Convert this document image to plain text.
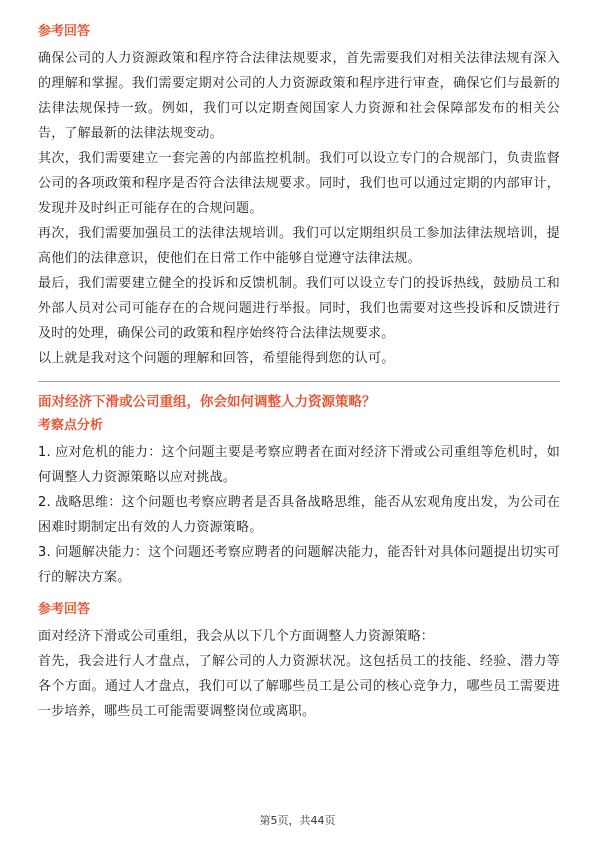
参考回答

确保公司的人力资源政策和程序符合法律法规要求，首先需要我们对相关法律法规有深入的理解和掌握。我们需要定期对公司的人力资源政策和程序进行审查，确保它们与最新的法律法规保持一致。例如，我们可以定期查阅国家人力资源和社会保障部发布的相关公告，了解最新的法律法规变动。

其次，我们需要建立一套完善的内部监控机制。我们可以设立专门的合规部门，负责监督公司的各项政策和程序是否符合法律法规要求。同时，我们也可以通过定期的内部审计，发现并及时纠正可能存在的合规问题。

再次，我们需要加强员工的法律法规培训。我们可以定期组织员工参加法律法规培训，提高他们的法律意识，使他们在日常工作中能够自觉遵守法律法规。

最后，我们需要建立健全的投诉和反馈机制。我们可以设立专门的投诉热线，鼓励员工和外部人员对公司可能存在的合规问题进行举报。同时，我们也需要对这些投诉和反馈进行及时的处理，确保公司的政策和程序始终符合法律法规要求。

以上就是我对这个问题的理解和回答，希望能得到您的认可。

面对经济下滑或公司重组，你会如何调整人力资源策略？

考察点分析

1. 应对危机的能力：这个问题主要是考察应聘者在面对经济下滑或公司重组等危机时，如何调整人力资源策略以应对挑战。

2. 战略思维：这个问题也考察应聘者是否具备战略思维，能否从宏观角度出发，为公司在困难时期制定出有效的人力资源策略。

3. 问题解决能力：这个问题还考察应聘者的问题解决能力，能否针对具体问题提出切实可行的解决方案。

参考回答

面对经济下滑或公司重组，我会从以下几个方面调整人力资源策略：

首先，我会进行人才盘点，了解公司的人力资源状况。这包括员工的技能、经验、潜力等各个方面。通过人才盘点，我们可以了解哪些员工是公司的核心竞争力，哪些员工需要进一步培养，哪些员工可能需要调整岗位或离职。

第5页，共44页
